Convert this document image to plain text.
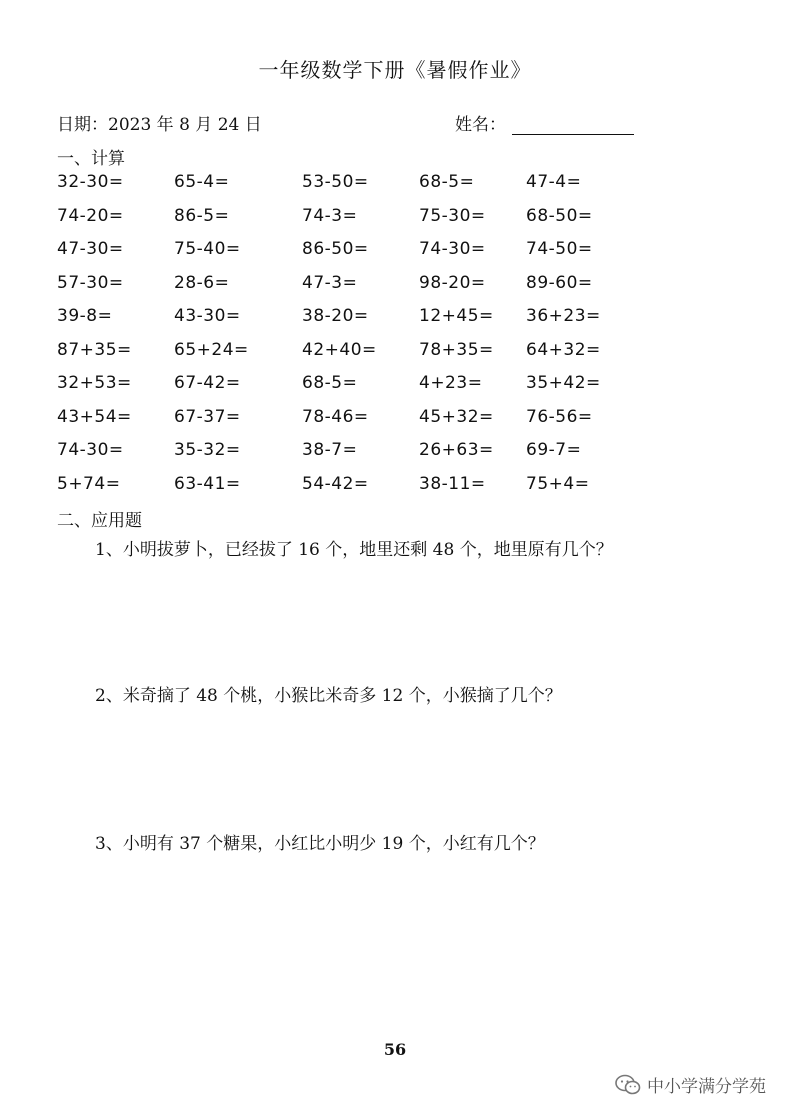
一年级数学下册《暑假作业》
日期：2023 年 8 月 24 日	姓名：
一、计算
32-30=	65-4=	53-50=	68-5=	47-4=
74-20=	86-5=	74-3=	75-30= 68-50=
47-30=	75-40=	86-50=	74-30= 74-50=
57-30=	28-6=	47-3=	98-20= 89-60=
39-8=	43-30=	38-20=	12+45= 36+23=
87+35= 65+24=	42+40= 78+35= 64+32=
32+53= 67-42=	68-5=	4+23=	35+42=
43+54= 67-37=	78-46=	45+32= 76-56=
74-30=	35-32=	38-7=	26+63= 69-7=
5+74=	63-41=	54-42=	38-11= 75+4=
二、应用题
1、小明拔萝卜，已经拔了 16 个，地里还剩 48 个，地里原有几个？
2、米奇摘了 48 个桃，小猴比米奇多 12 个，小猴摘了几个？
3、小明有 37 个糖果，小红比小明少 19 个，小红有几个？
56
中小学满分学苑
